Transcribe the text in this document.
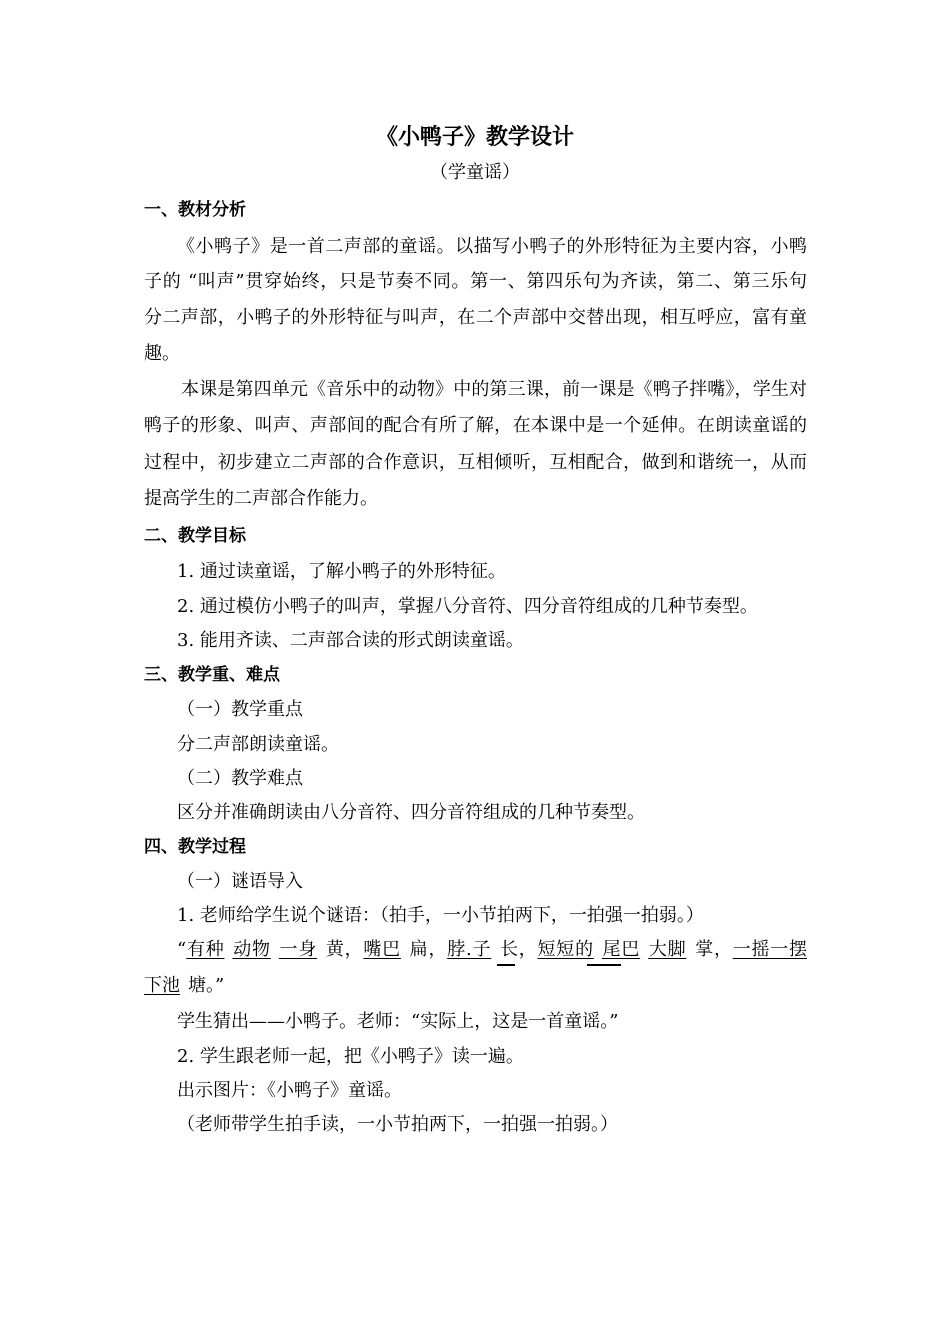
《小鸭子》教学设计
（学童谣）
一、教材分析
《小鸭子》是一首二声部的童谣。以描写小鸭子的外形特征为主要内容，小鸭
子的 “叫声”贯穿始终，只是节奏不同。第一、第四乐句为齐读，第二、第三乐句
分二声部，小鸭子的外形特征与叫声，在二个声部中交替出现，相互呼应，富有童
趣。
本课是第四单元《音乐中的动物》中的第三课，前一课是《鸭子拌嘴》，学生对
鸭子的形象、叫声、声部间的配合有所了解，在本课中是一个延伸。在朗读童谣的
过程中，初步建立二声部的合作意识，互相倾听，互相配合，做到和谐统一，从而
提高学生的二声部合作能力。
二、教学目标
1. 通过读童谣，了解小鸭子的外形特征。
2. 通过模仿小鸭子的叫声，掌握八分音符、四分音符组成的几种节奏型。
3. 能用齐读、二声部合读的形式朗读童谣。
三、教学重、难点
（一）教学重点
分二声部朗读童谣。
（二）教学难点
区分并准确朗读由八分音符、四分音符组成的几种节奏型。
四、教学过程
（一）谜语导入
1. 老师给学生说个谜语：（拍手，一小节拍两下，一拍强一拍弱。）
“有种 动物 一身 黄，嘴巴 扁，脖.子 长，短短的 尾巴 大脚 掌，一摇一摆
下池 塘。”
学生猜出——小鸭子。老师：“实际上，这是一首童谣。”
2. 学生跟老师一起，把《小鸭子》读一遍。
出示图片：《小鸭子》童谣。
（老师带学生拍手读，一小节拍两下，一拍强一拍弱。）
